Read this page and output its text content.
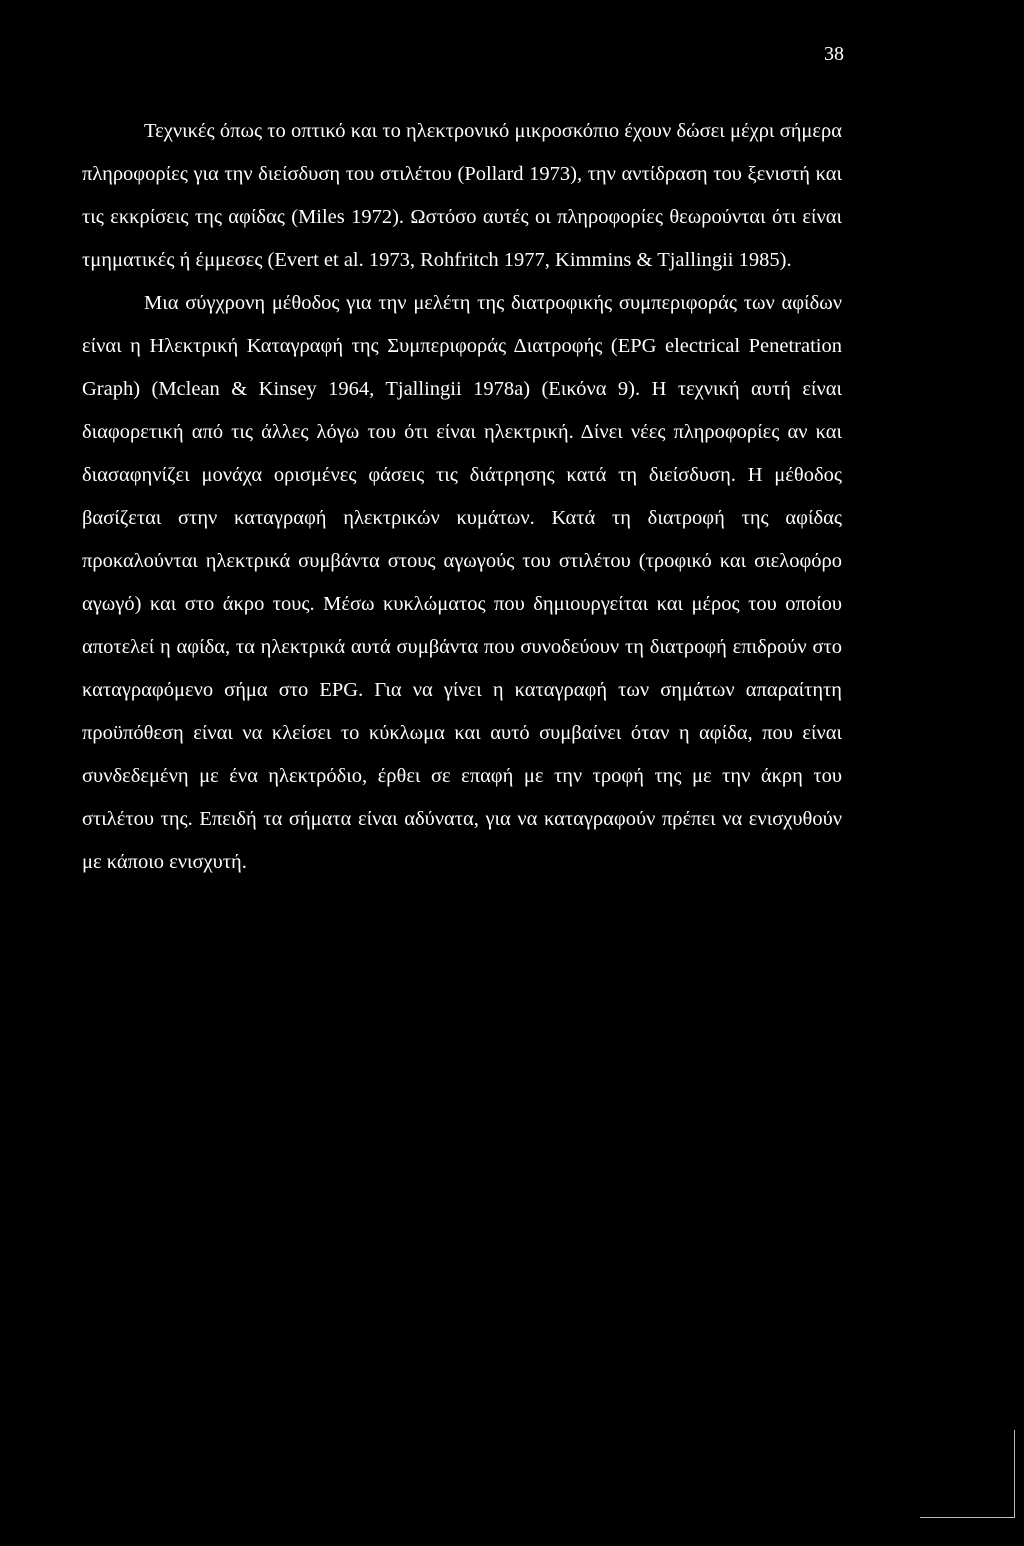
38

Τεχνικές όπως το οπτικό και το ηλεκτρονικό μικροσκόπιο έχουν δώσει μέχρι σήμερα πληροφορίες για την διείσδυση του στιλέτου (Pollard 1973), την αντίδραση του ξενιστή και τις εκκρίσεις της αφίδας (Miles 1972). Ωστόσο αυτές οι πληροφορίες θεωρούνται ότι είναι τμηματικές ή έμμεσες (Evert et al. 1973, Rohfritch 1977, Kimmins & Tjallingii 1985).

Μια σύγχρονη μέθοδος για την μελέτη της διατροφικής συμπεριφοράς των αφίδων είναι η Ηλεκτρική Καταγραφή της Συμπεριφοράς Διατροφής (EPG electrical Penetration Graph) (Mclean & Kinsey 1964, Tjallingii 1978a) (Εικόνα 9). Η τεχνική αυτή είναι διαφορετική από τις άλλες λόγω του ότι είναι ηλεκτρική. Δίνει νέες πληροφορίες αν και διασαφηνίζει μονάχα ορισμένες φάσεις τις διάτρησης κατά τη διείσδυση. Η μέθοδος βασίζεται στην καταγραφή ηλεκτρικών κυμάτων. Κατά τη διατροφή της αφίδας προκαλούνται ηλεκτρικά συμβάντα στους αγωγούς του στιλέτου (τροφικό και σιελοφόρο αγωγό) και στο άκρο τους. Μέσω κυκλώματος που δημιουργείται και μέρος του οποίου αποτελεί η αφίδα, τα ηλεκτρικά αυτά συμβάντα που συνοδεύουν τη διατροφή επιδρούν στο καταγραφόμενο σήμα στο EPG. Για να γίνει η καταγραφή των σημάτων απαραίτητη προϋπόθεση είναι να κλείσει το κύκλωμα και αυτό συμβαίνει όταν η αφίδα, που είναι συνδεδεμένη με ένα ηλεκτρόδιο, έρθει σε επαφή με την τροφή της με την άκρη του στιλέτου της. Επειδή τα σήματα είναι αδύνατα, για να καταγραφούν πρέπει να ενισχυθούν με κάποιο ενισχυτή.
